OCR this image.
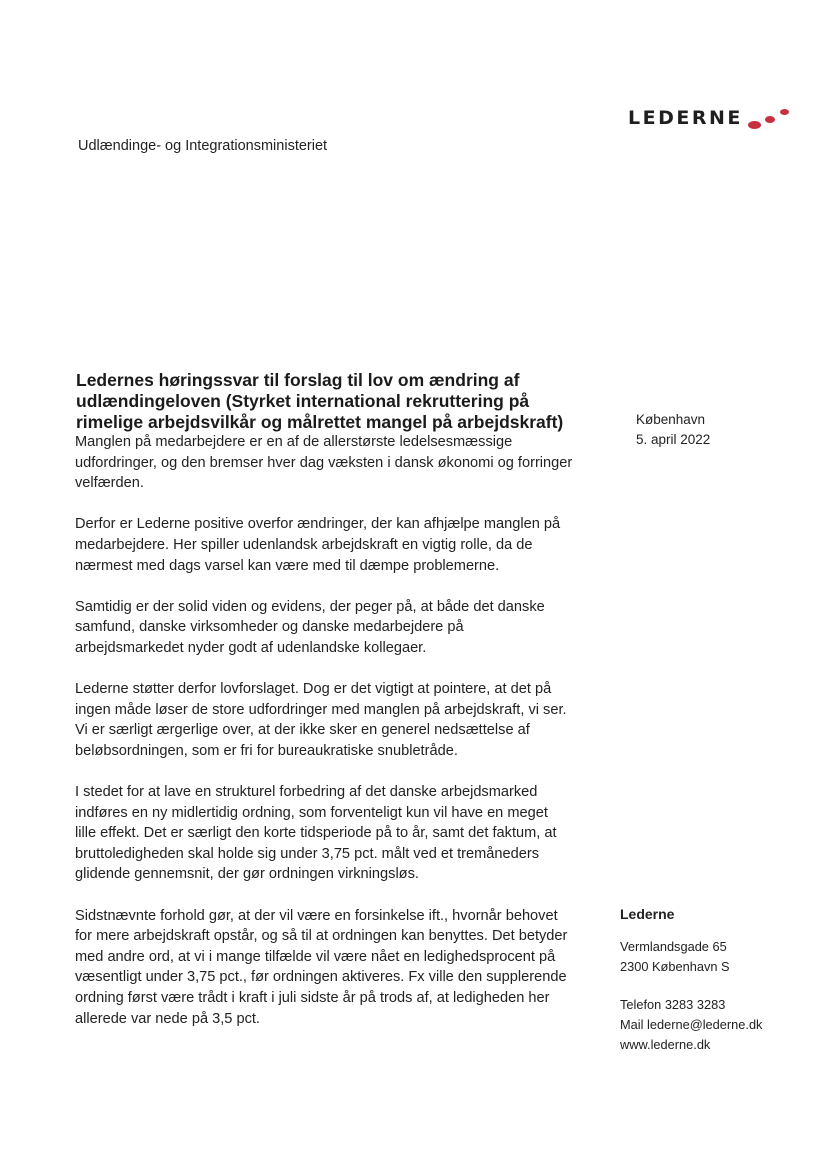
LEDERNE
Udlændinge- og Integrationsministeriet
Ledernes høringssvar til forslag til lov om ændring af udlændingeloven (Styrket international rekruttering på rimelige arbejdsvilkår og målrettet mangel på arbejdskraft)

Manglen på medarbejdere er en af de allerstørste ledelsesmæssige udfordringer, og den bremser hver dag væksten i dansk økonomi og forringer velfærden.

Derfor er Lederne positive overfor ændringer, der kan afhjælpe manglen på medarbejdere. Her spiller udenlandsk arbejdskraft en vigtig rolle, da de nærmest med dags varsel kan være med til dæmpe problemerne.

Samtidig er der solid viden og evidens, der peger på, at både det danske samfund, danske virksomheder og danske medarbejdere på arbejdsmarkedet nyder godt af udenlandske kollegaer.

Lederne støtter derfor lovforslaget. Dog er det vigtigt at pointere, at det på ingen måde løser de store udfordringer med manglen på arbejdskraft, vi ser. Vi er særligt ærgerlige over, at der ikke sker en generel nedsættelse af beløbsordningen, som er fri for bureaukratiske snubletråde.

I stedet for at lave en strukturel forbedring af det danske arbejdsmarked indføres en ny midlertidig ordning, som forventeligt kun vil have en meget lille effekt. Det er særligt den korte tidsperiode på to år, samt det faktum, at bruttoledigheden skal holde sig under 3,75 pct. målt ved et tremåneders glidende gennemsnit, der gør ordningen virkningsløs.

Sidstnævnte forhold gør, at der vil være en forsinkelse ift., hvornår behovet for mere arbejdskraft opstår, og så til at ordningen kan benyttes. Det betyder med andre ord, at vi i mange tilfælde vil være nået en ledighedsprocent på væsentligt under 3,75 pct., før ordningen aktiveres. Fx ville den supplerende ordning først være trådt i kraft i juli sidste år på trods af, at ledigheden her allerede var nede på 3,5 pct.

København
5. april 2022
Lederne
Vermlandsgade 65
2300 København S
Telefon 3283 3283
Mail lederne@lederne.dk
www.lederne.dk
